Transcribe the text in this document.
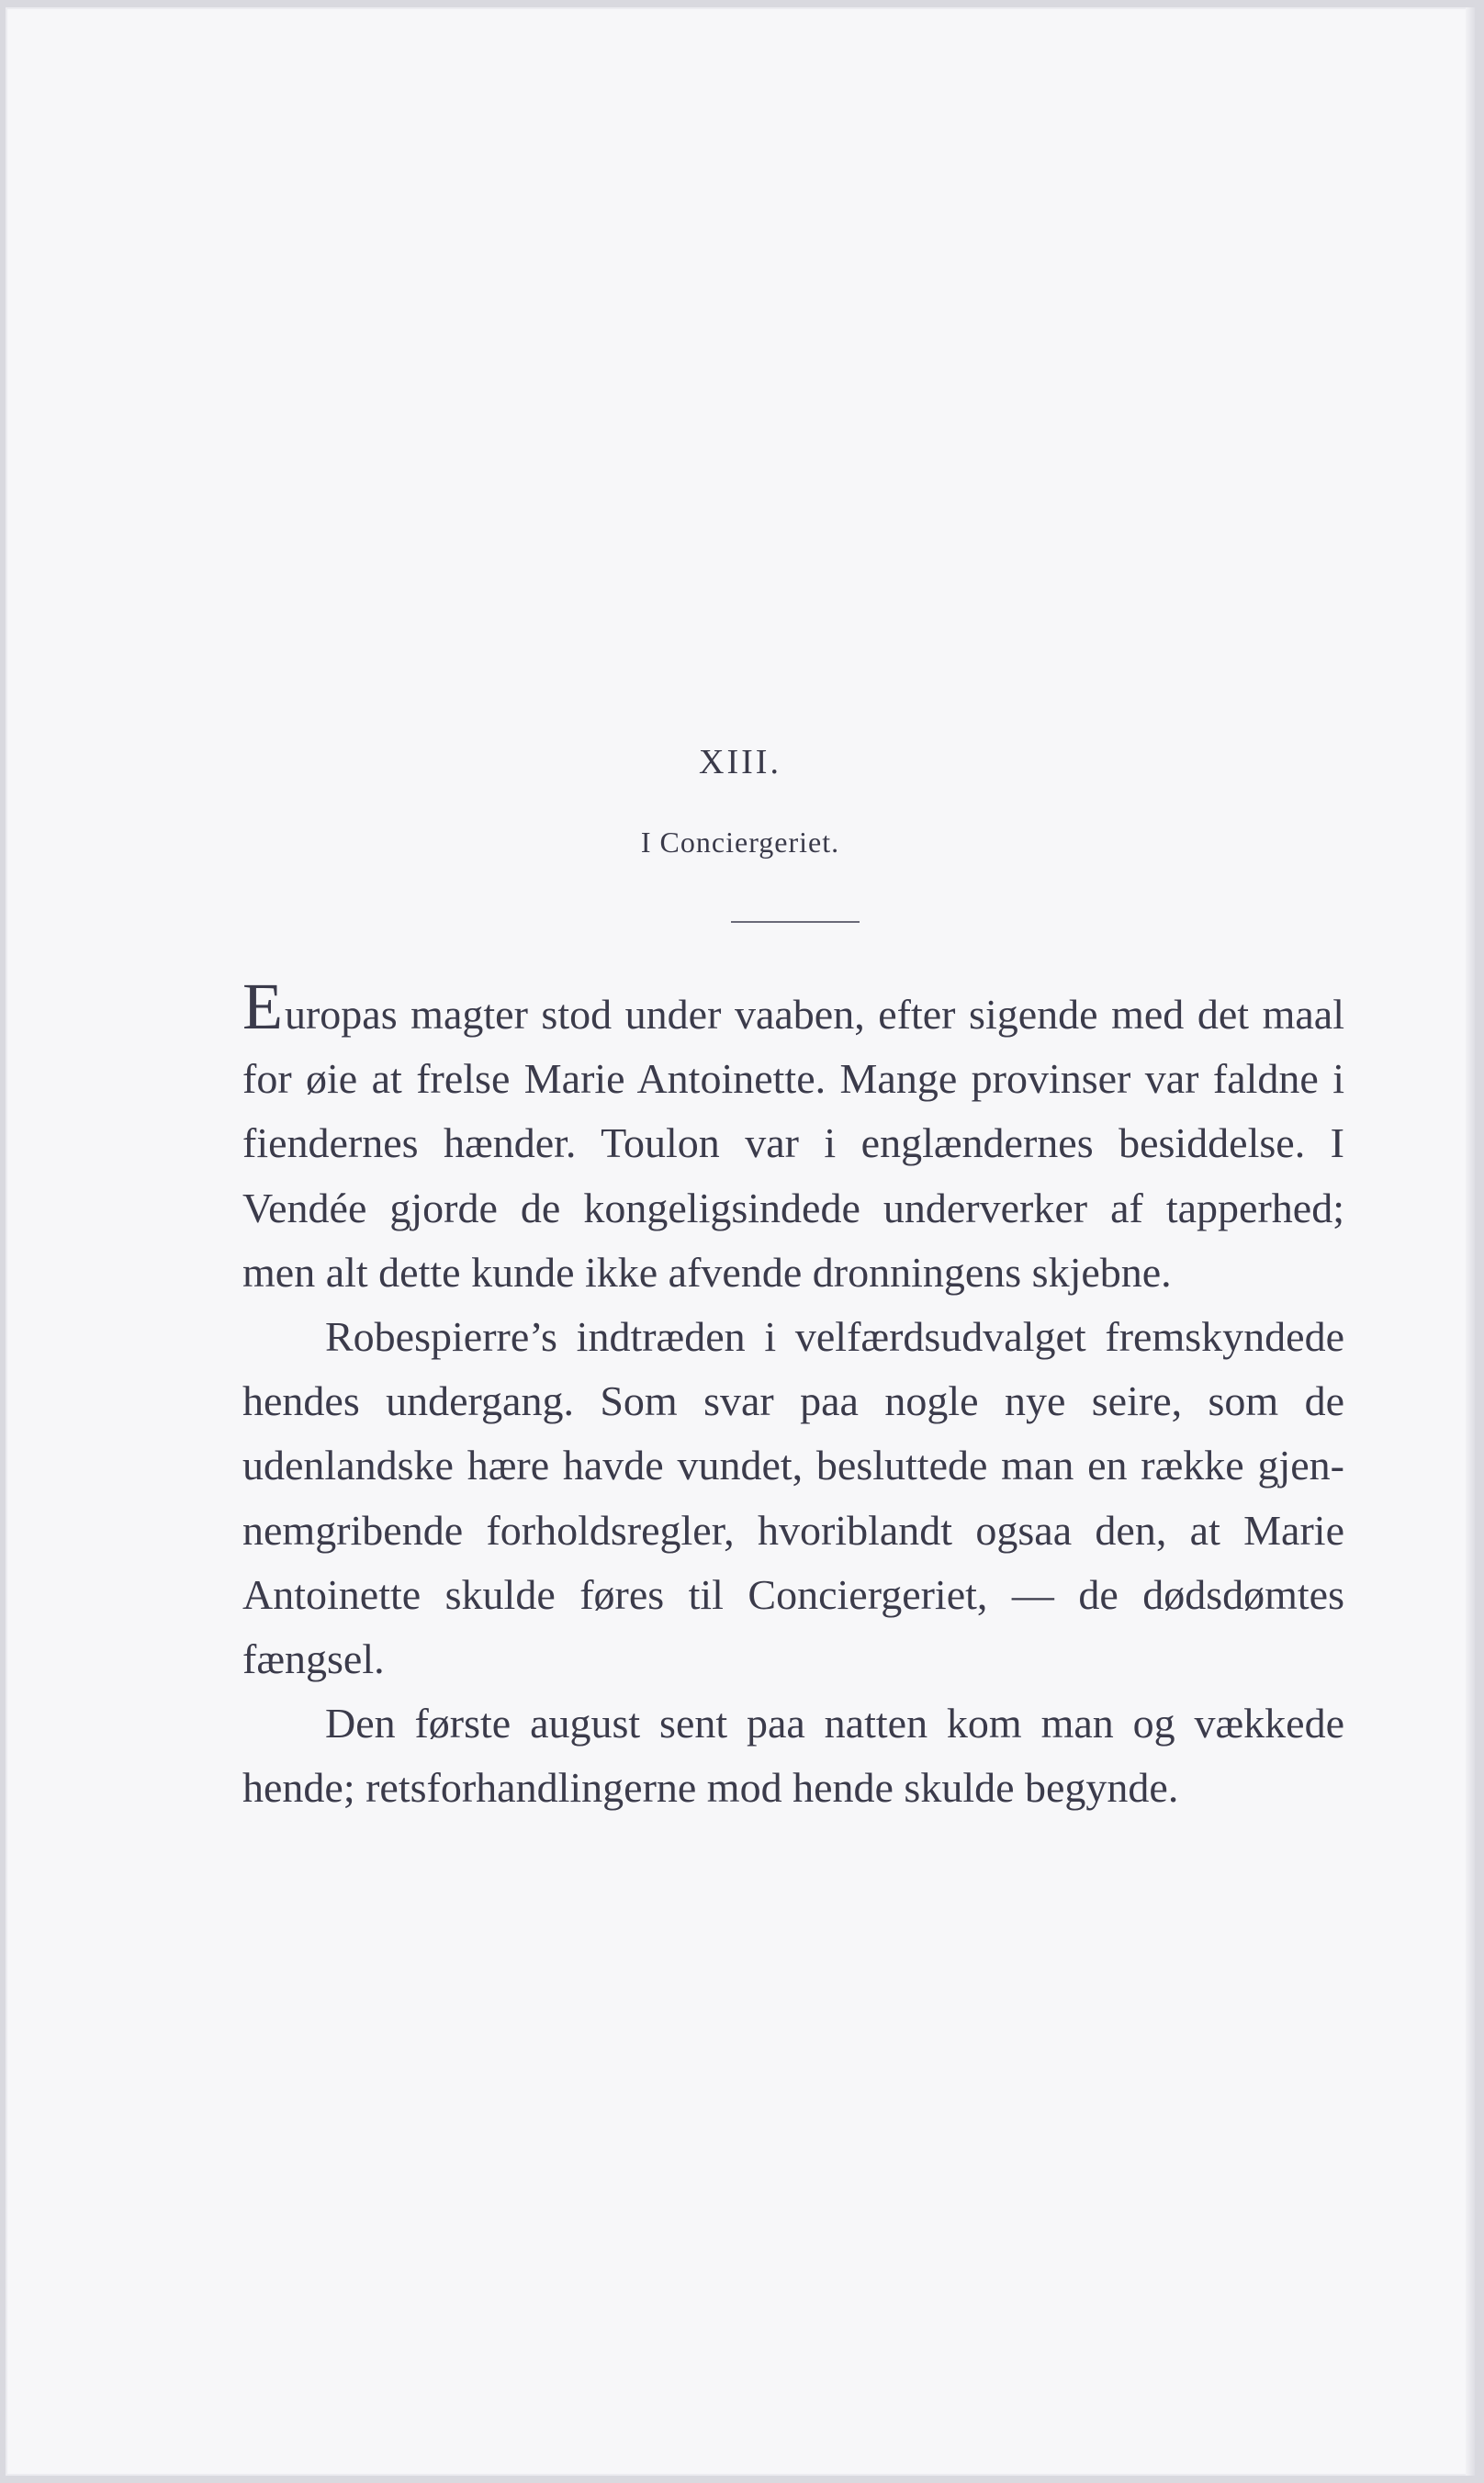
XIII.
I Conciergeriet.

Europas magter stod under vaaben, efter sigende med det maal for øie at frelse Marie Antoinette. Mange provinser var faldne i fiendernes hænder. Toulon var i englændernes besiddelse. I Vendée gjorde de kongeligsindede underverker af tapperhed; men alt dette kunde ikke afvende dronningens skjebne.

Robespierre’s indtræden i velfærdsudvalget fremskyndede hendes undergang. Som svar paa nogle nye seire, som de udenlandske hære havde vundet, besluttede man en række gjennemgribende forholdsregler, hvoriblandt ogsaa den, at Marie Antoinette skulde føres til Conciergeriet, — de dødsdømtes fængsel.

Den første august sent paa natten kom man og vækkede hende; retsforhandlingerne mod hende skulde begynde.
